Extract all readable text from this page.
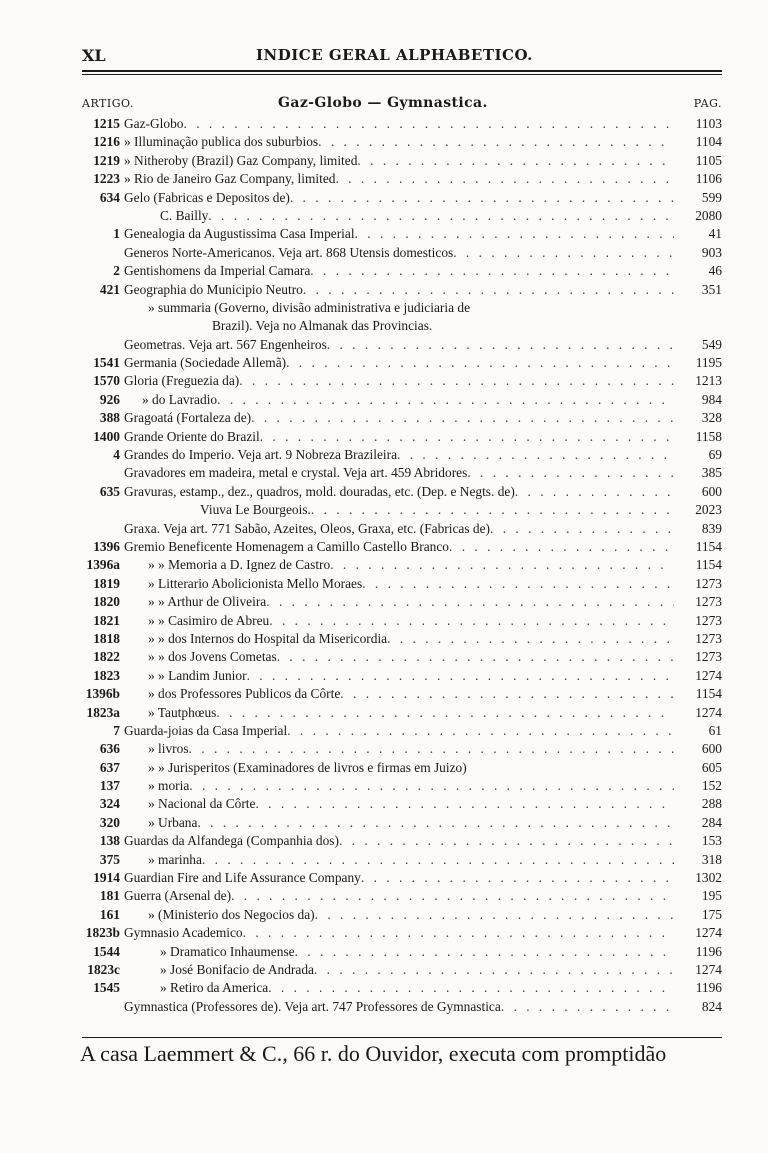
XL	INDICE GERAL ALPHABETICO.
ARTIGO.	Gaz-Globo — Gymnastica.	PAG.
1215 Gaz-Globo . . .	1103
1216 » Illuminação publica dos suburbios . . .	1104
1219 » Nitheroby (Brazil) Gaz Company, limited . . .	1105
1223 » Rio de Janeiro Gaz Company, limited . . .	1106
634 Gelo (Fabricas e Depositos de) . . .	599
C. Bailly . . .	2080
1 Genealogia da Augustissima Casa Imperial . . .	41
Generos Norte-Americanos. Veja art. 868 Utensis domesticos . . .	903
2 Gentishomens da Imperial Camara . . .	46
421 Geographia do Municipio Neutro . . .	351
» summaria (Governo, divisão administrativa e judiciaria de
Brazil). Veja no Almanak das Provincias.
Geometras. Veja art. 567 Engenheiros . . .	549
1541 Germania (Sociedade Allemã) . . .	1195
1570 Gloria (Freguezia da) . . .	1213
926 » do Lavradio . . .	984
388 Gragoatá (Fortaleza de) . . .	328
1400 Grande Oriente do Brazil . . .	1158
4 Grandes do Imperio. Veja art. 9 Nobreza Brazileira . . .	69
Gravadores em madeira, metal e crystal. Veja art. 459 Abridores . . .	385
635 Gravuras, estamp., dez., quadros, mold. douradas, etc. (Dep. e Negts. de) . . .	600
Viuva Le Bourgeois. . . .	2023
Graxa. Veja art. 771 Sabão, Azeites, Oleos, Graxa, etc. (Fabricas de) . . .	839
1396 Gremio Beneficente Homenagem a Camillo Castello Branco . . .	1154
1396a » » Memoria a D. Ignez de Castro . . .	1154
1819 » Litterario Abolicionista Mello Moraes . . .	1273
1820 » » Arthur de Oliveira . . .	1273
1821 » » Casimiro de Abreu . . .	1273
1818 » » dos Internos do Hospital da Misericordia . . .	1273
1822 » » dos Jovens Cometas . . .	1273
1823 » » Landim Junior . . .	1274
1396b » dos Professores Publicos da Côrte . . .	1154
1823a » Tautphœus . . .	1274
7 Guarda-joias da Casa Imperial . . .	61
636 » livros . . .	600
637 » » Jurisperitos (Examinadores de livros e firmas em Juizo)	605
137 » moria . . .	152
324 » Nacional da Côrte . . .	288
320 » Urbana . . .	284
138 Guardas da Alfandega (Companhia dos) . . .	153
375 » marinha . . .	318
1914 Guardian Fire and Life Assurance Company . . .	1302
181 Guerra (Arsenal de) . . .	195
161 » (Ministerio dos Negocios da) . . .	175
1823b Gymnasio Academico . . .	1274
1544	» Dramatico Inhaumense . . .	1196
1823c	» José Bonifacio de Andrada . . .	1274
1545	» Retiro da America . . .	1196
Gymnastica (Professores de). Veja art. 747 Professores de Gymnastica . . .	824
A casa Laemmert & C., 66 r. do Ouvidor, executa com promptidão
